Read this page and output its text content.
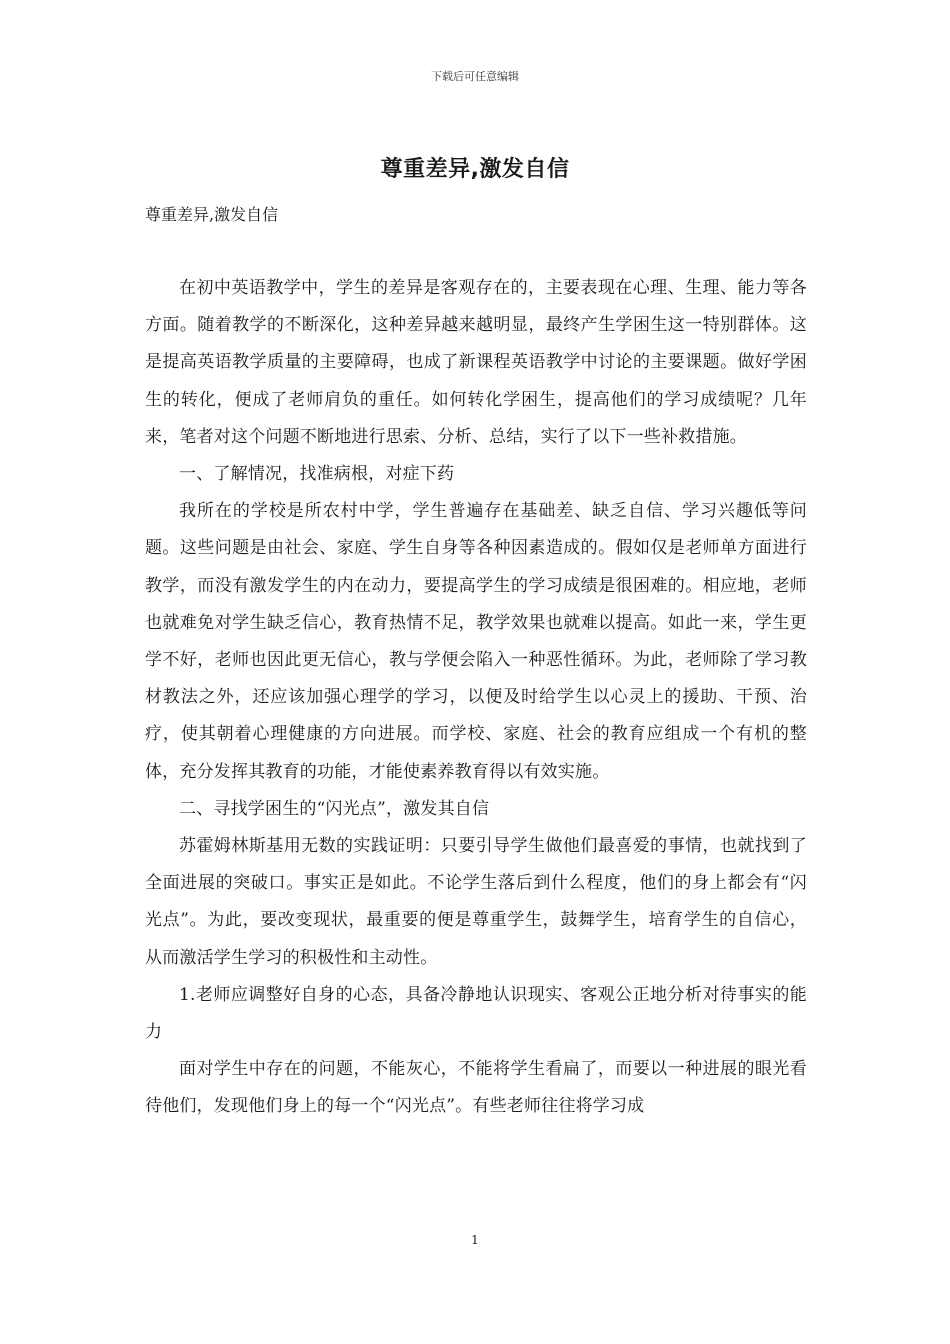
下载后可任意编辑
尊重差异,激发自信
尊重差异,激发自信

在初中英语教学中，学生的差异是客观存在的，主要表现在心理、生理、能力等各方面。随着教学的不断深化，这种差异越来越明显，最终产生学困生这一特别群体。这是提高英语教学质量的主要障碍，也成了新课程英语教学中讨论的主要课题。做好学困生的转化，便成了老师肩负的重任。如何转化学困生，提高他们的学习成绩呢？几年来，笔者对这个问题不断地进行思索、分析、总结，实行了以下一些补救措施。

一、了解情况，找准病根，对症下药

我所在的学校是所农村中学，学生普遍存在基础差、缺乏自信、学习兴趣低等问题。这些问题是由社会、家庭、学生自身等各种因素造成的。假如仅是老师单方面进行教学，而没有激发学生的内在动力，要提高学生的学习成绩是很困难的。相应地，老师也就难免对学生缺乏信心，教育热情不足，教学效果也就难以提高。如此一来，学生更学不好，老师也因此更无信心，教与学便会陷入一种恶性循环。为此，老师除了学习教材教法之外，还应该加强心理学的学习，以便及时给学生以心灵上的援助、干预、治疗，使其朝着心理健康的方向进展。而学校、家庭、社会的教育应组成一个有机的整体，充分发挥其教育的功能，才能使素养教育得以有效实施。

二、寻找学困生的“闪光点”，激发其自信

苏霍姆林斯基用无数的实践证明：只要引导学生做他们最喜爱的事情，也就找到了全面进展的突破口。事实正是如此。不论学生落后到什么程度，他们的身上都会有“闪光点”。为此，要改变现状，最重要的便是尊重学生，鼓舞学生，培育学生的自信心，从而激活学生学习的积极性和主动性。

1.老师应调整好自身的心态，具备冷静地认识现实、客观公正地分析对待事实的能力

面对学生中存在的问题，不能灰心，不能将学生看扁了，而要以一种进展的眼光看待他们，发现他们身上的每一个“闪光点”。有些老师往往将学习成

1
